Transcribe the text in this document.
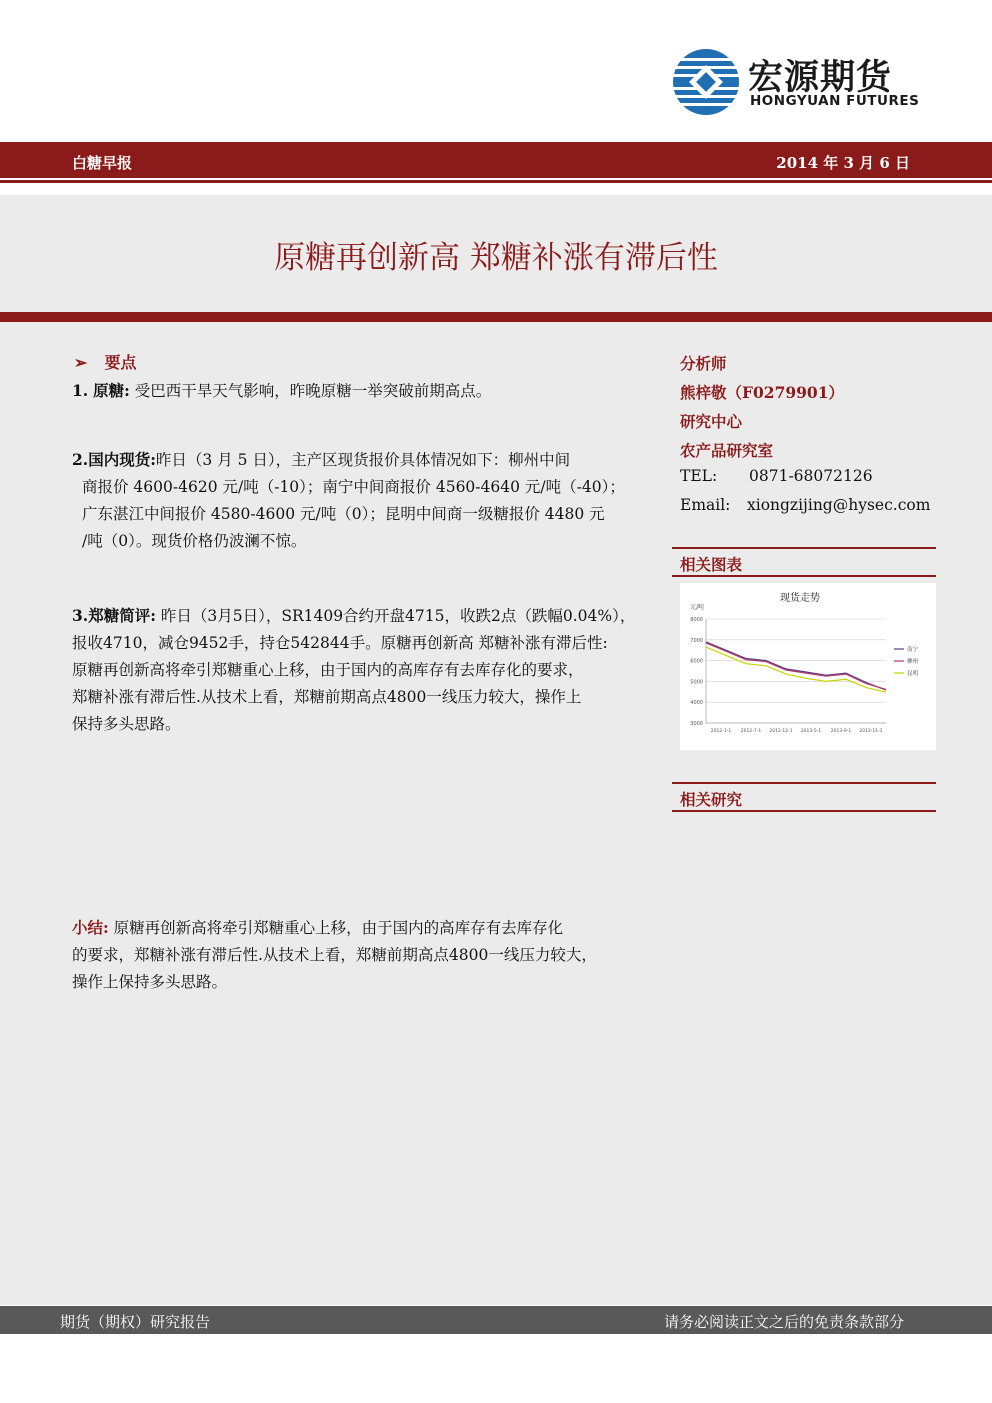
宏源期货
HONGYUAN FUTURES
白糖早报	2014 年 3 月 6 日
原糖再创新高 郑糖补涨有滞后性
➢ 要点
1. 原糖: 受巴西干旱天气影响，昨晚原糖一举突破前期高点。
2.国内现货:昨日（3 月 5 日），主产区现货报价具体情况如下：柳州中间
商报价 4600-4620 元/吨（-10）；南宁中间商报价 4560-4640 元/吨（-40）；
广东湛江中间报价 4580-4600 元/吨（0）；昆明中间商一级糖报价 4480 元
/吨（0）。现货价格仍波澜不惊。
3.郑糖简评: 昨日（3月5日），SR1409合约开盘4715，收跌2点（跌幅0.04%），
报收4710，减仓9452手，持仓542844手。原糖再创新高 郑糖补涨有滞后性:
原糖再创新高将牵引郑糖重心上移，由于国内的高库存有去库存化的要求，
郑糖补涨有滞后性.从技术上看，郑糖前期高点4800一线压力较大，操作上
保持多头思路。
小结: 原糖再创新高将牵引郑糖重心上移，由于国内的高库存有去库存化
的要求，郑糖补涨有滞后性.从技术上看，郑糖前期高点4800一线压力较大，
操作上保持多头思路。
分析师
熊梓敬（F0279901）
研究中心
农产品研究室
TEL: 0871-68072126
Email: xiongzijing@hysec.com
相关图表
现货走势
元/吨
3000
4000
5000
6000
7000
8000
2012-1-1 2012-7-1 2012-12-1 2013-5-1 2013-9-1 2013-11-1
南宁
柳州
昆明
相关研究
期货（期权）研究报告	请务必阅读正文之后的免责条款部分
